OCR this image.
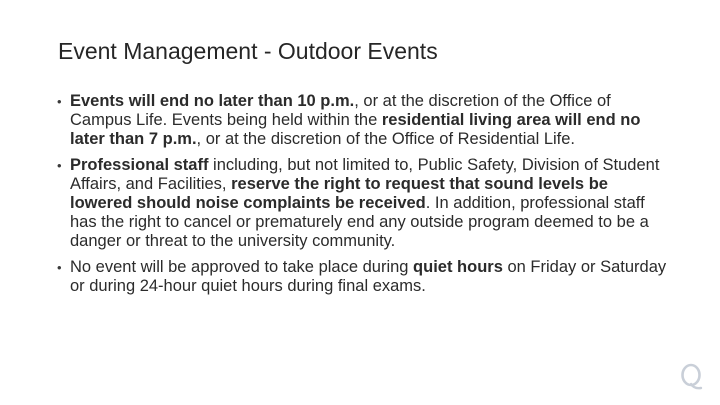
Event Management - Outdoor Events
• Events will end no later than 10 p.m., or at the discretion of the Office of Campus Life. Events being held within the residential living area will end no later than 7 p.m., or at the discretion of the Office of Residential Life.
• Professional staff including, but not limited to, Public Safety, Division of Student Affairs, and Facilities, reserve the right to request that sound levels be lowered should noise complaints be received. In addition, professional staff has the right to cancel or prematurely end any outside program deemed to be a danger or threat to the university community.
• No event will be approved to take place during quiet hours on Friday or Saturday or during 24-hour quiet hours during final exams.
